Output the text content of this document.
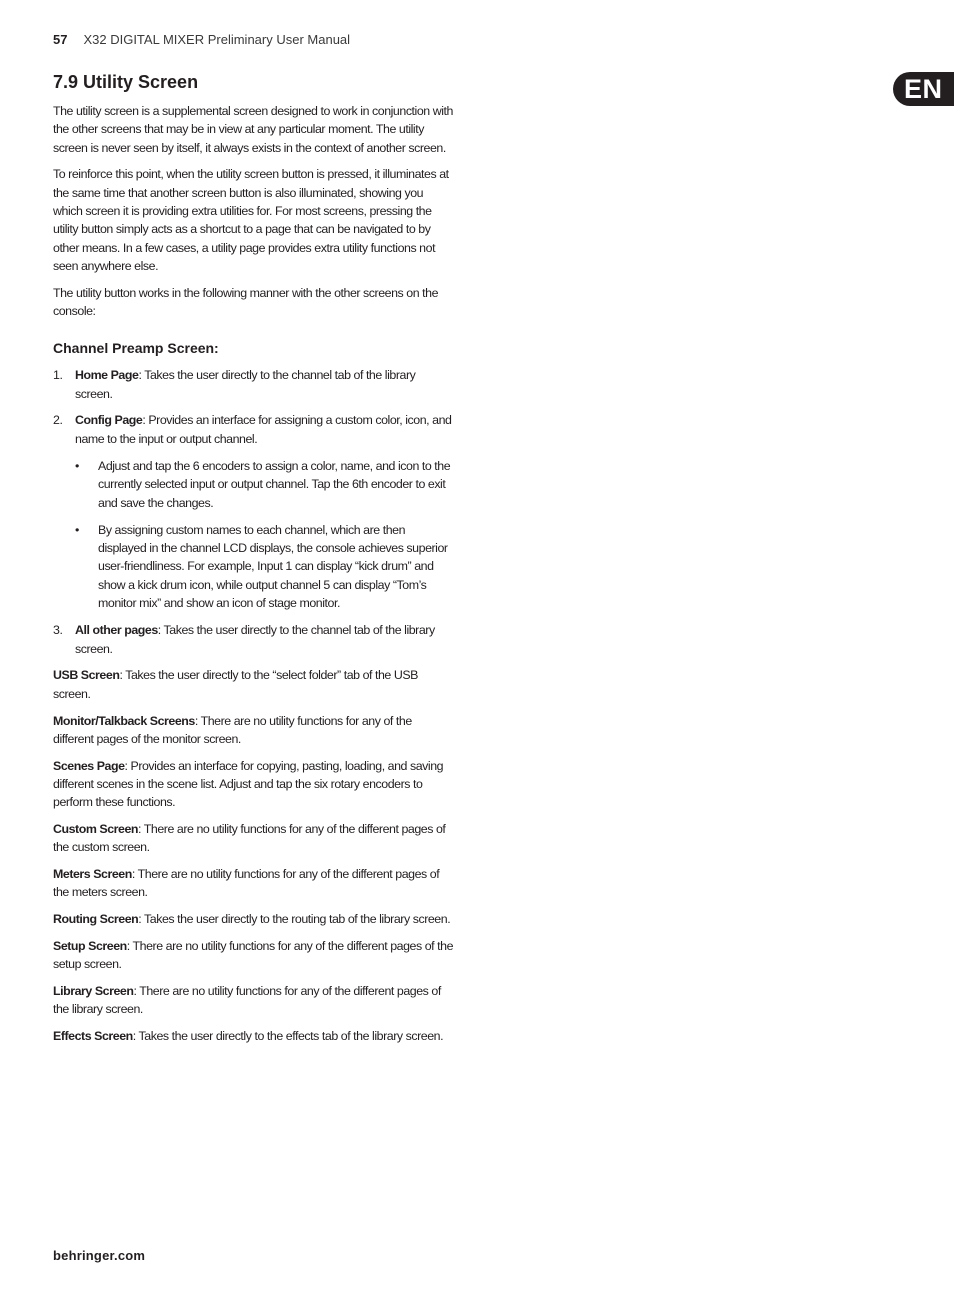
57 X32 DIGITAL MIXER Preliminary User Manual
EN
7.9 Utility Screen

The utility screen is a supplemental screen designed to work in conjunction with the other screens that may be in view at any particular moment. The utility screen is never seen by itself, it always exists in the context of another screen.

To reinforce this point, when the utility screen button is pressed, it illuminates at the same time that another screen button is also illuminated, showing you which screen it is providing extra utilities for. For most screens, pressing the utility button simply acts as a shortcut to a page that can be navigated to by other means. In a few cases, a utility page provides extra utility functions not seen anywhere else.

The utility button works in the following manner with the other screens on the console:

Channel Preamp Screen:
1. Home Page: Takes the user directly to the channel tab of the library screen.
2. Config Page: Provides an interface for assigning a custom color, icon, and name to the input or output channel.
• Adjust and tap the 6 encoders to assign a color, name, and icon to the currently selected input or output channel. Tap the 6th encoder to exit and save the changes.
• By assigning custom names to each channel, which are then displayed in the channel LCD displays, the console achieves superior user-friendliness. For example, Input 1 can display “kick drum” and show a kick drum icon, while output channel 5 can display “Tom’s monitor mix” and show an icon of stage monitor.
3. All other pages: Takes the user directly to the channel tab of the library screen.

USB Screen: Takes the user directly to the “select folder” tab of the USB screen.

Monitor/Talkback Screens: There are no utility functions for any of the different pages of the monitor screen.

Scenes Page: Provides an interface for copying, pasting, loading, and saving different scenes in the scene list. Adjust and tap the six rotary encoders to perform these functions.

Custom Screen: There are no utility functions for any of the different pages of the custom screen.

Meters Screen: There are no utility functions for any of the different pages of the meters screen.

Routing Screen: Takes the user directly to the routing tab of the library screen.

Setup Screen: There are no utility functions for any of the different pages of the setup screen.

Library Screen: There are no utility functions for any of the different pages of the library screen.

Effects Screen: Takes the user directly to the effects tab of the library screen.

behringer.com
